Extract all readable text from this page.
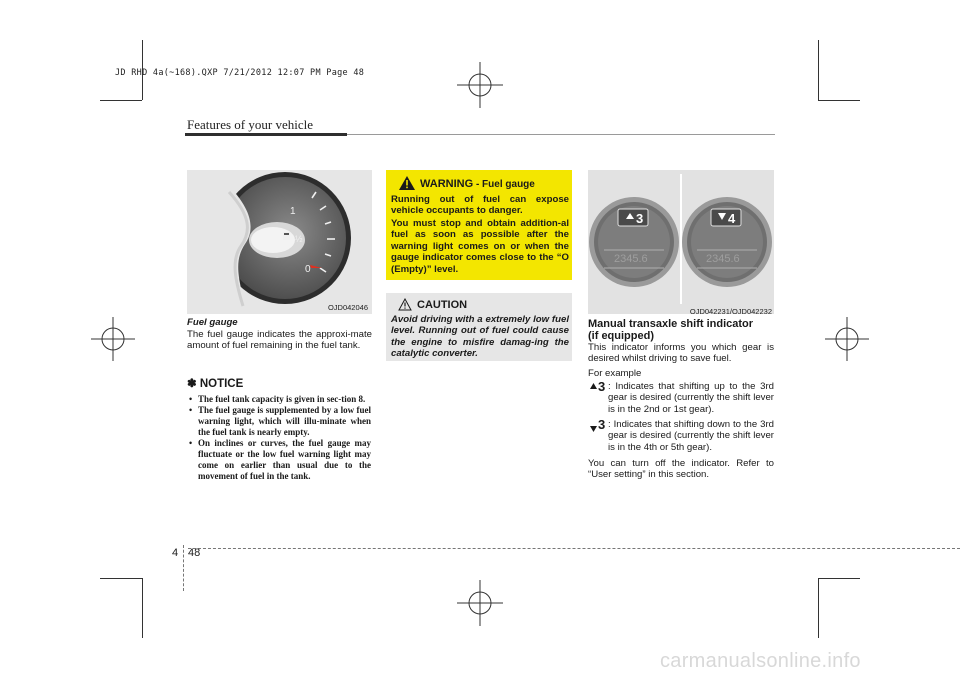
JD RHD 4a(~168).QXP 7/21/2012 12:07 PM Page 48
Features of your vehicle
1
½
0
OJD042046
Fuel gauge
The fuel gauge indicates the approxi-mate amount of fuel remaining in the fuel tank.
✽ NOTICE
• The fuel tank capacity is given in sec-tion 8.
• The fuel gauge is supplemented by a low fuel warning light, which will illu-minate when the fuel tank is nearly empty.
• On inclines or curves, the fuel gauge may fluctuate or the low fuel warning light may come on earlier than usual due to the movement of fuel in the tank.
WARNING - Fuel gauge
Running out of fuel can expose vehicle occupants to danger.
You must stop and obtain addition-al fuel as soon as possible after the warning light comes on or when the gauge indicator comes close to the “O (Empty)” level.
CAUTION
Avoid driving with a extremely low fuel level. Running out of fuel could cause the engine to misfire damag-ing the catalytic converter.
3
2345.6
4
2345.6
OJD042231/OJD042232
Manual transaxle shift indicator
(if equipped)
This indicator informs you which gear is desired whilst driving to save fuel.
For example
3 : Indicates that shifting up to the 3rd gear is desired (currently the shift lever is in the 2nd or 1st gear).
3 : Indicates that shifting down to the 3rd gear is desired (currently the shift lever is in the 4th or 5th gear).
You can turn off the indicator. Refer to “User setting” in this section.
4 48
carmanualsonline.info
